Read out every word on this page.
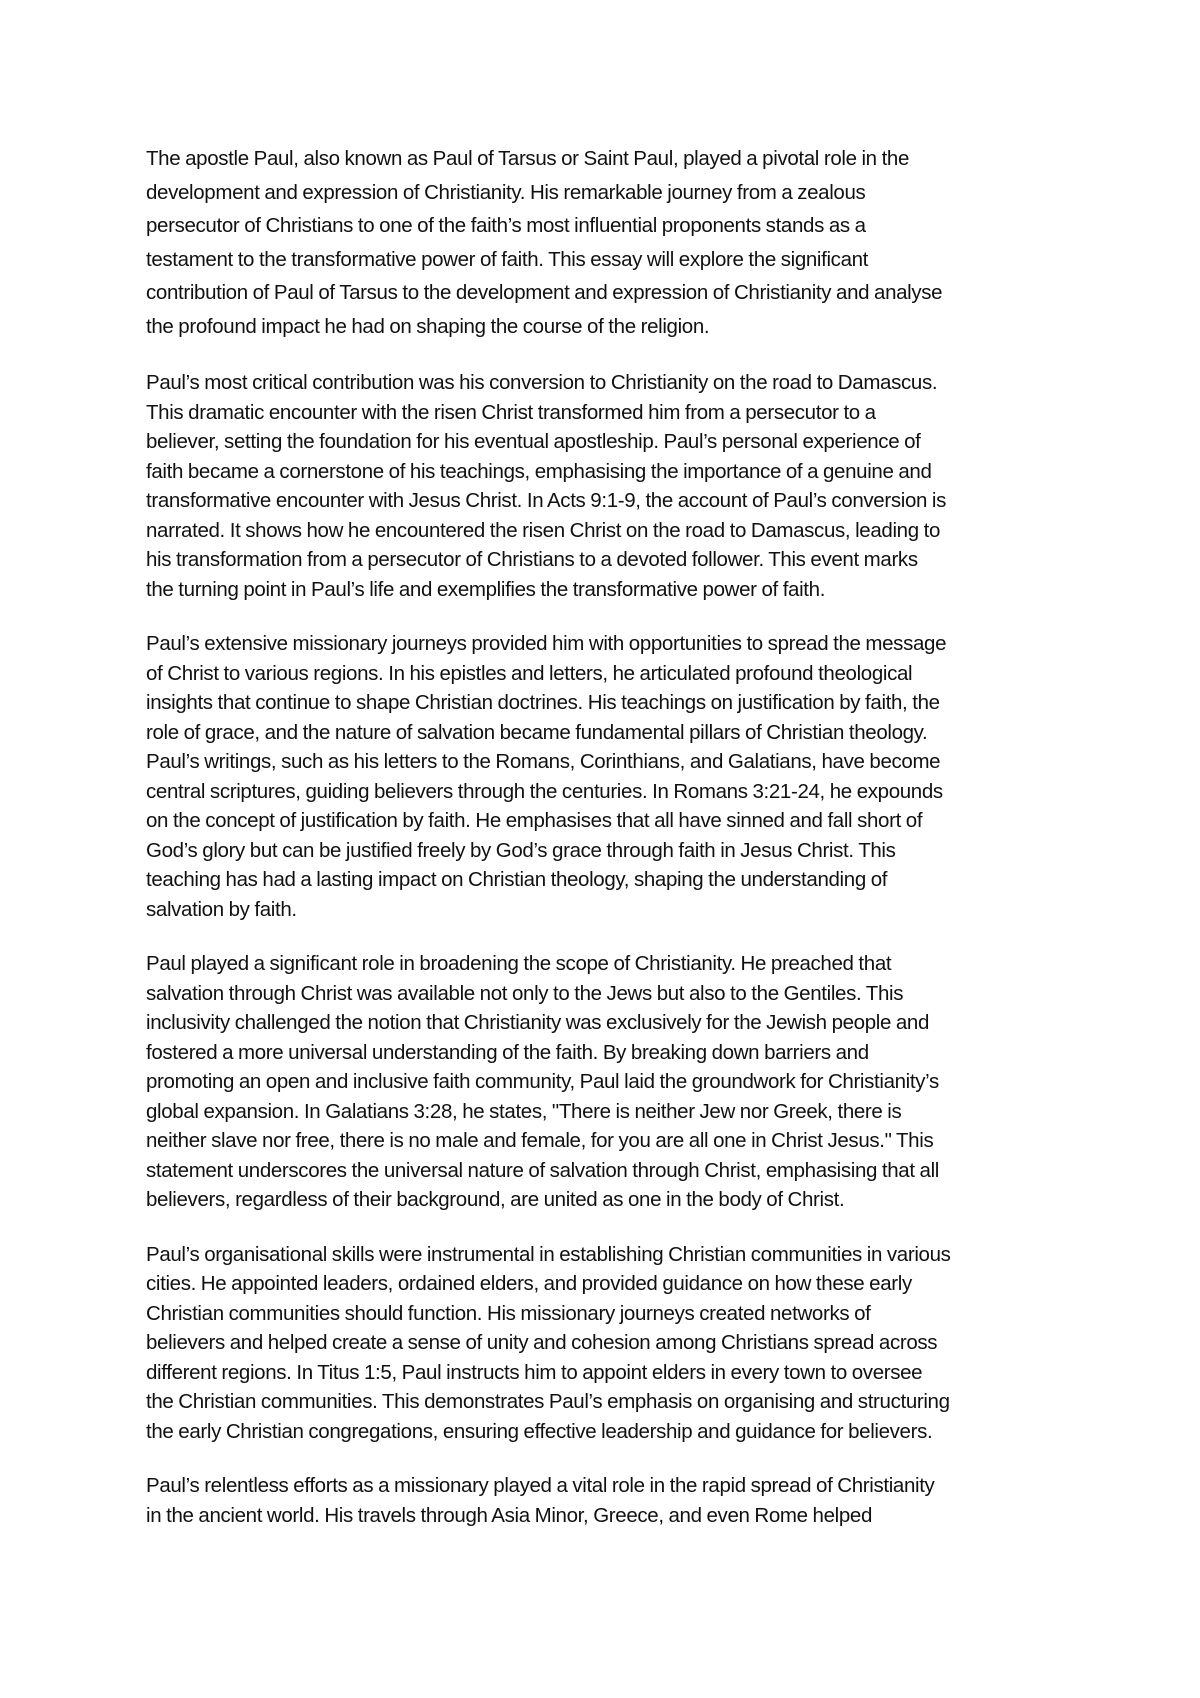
The apostle Paul, also known as Paul of Tarsus or Saint Paul, played a pivotal role in the
development and expression of Christianity. His remarkable journey from a zealous
persecutor of Christians to one of the faith’s most influential proponents stands as a
testament to the transformative power of faith. This essay will explore the significant
contribution of Paul of Tarsus to the development and expression of Christianity and analyse
the profound impact he had on shaping the course of the religion.

Paul’s most critical contribution was his conversion to Christianity on the road to Damascus.
This dramatic encounter with the risen Christ transformed him from a persecutor to a
believer, setting the foundation for his eventual apostleship. Paul’s personal experience of
faith became a cornerstone of his teachings, emphasising the importance of a genuine and
transformative encounter with Jesus Christ. In Acts 9:1-9, the account of Paul’s conversion is
narrated. It shows how he encountered the risen Christ on the road to Damascus, leading to
his transformation from a persecutor of Christians to a devoted follower. This event marks
the turning point in Paul’s life and exemplifies the transformative power of faith.

Paul’s extensive missionary journeys provided him with opportunities to spread the message
of Christ to various regions. In his epistles and letters, he articulated profound theological
insights that continue to shape Christian doctrines. His teachings on justification by faith, the
role of grace, and the nature of salvation became fundamental pillars of Christian theology.
Paul’s writings, such as his letters to the Romans, Corinthians, and Galatians, have become
central scriptures, guiding believers through the centuries. In Romans 3:21-24, he expounds
on the concept of justification by faith. He emphasises that all have sinned and fall short of
God’s glory but can be justified freely by God’s grace through faith in Jesus Christ. This
teaching has had a lasting impact on Christian theology, shaping the understanding of
salvation by faith.

Paul played a significant role in broadening the scope of Christianity. He preached that
salvation through Christ was available not only to the Jews but also to the Gentiles. This
inclusivity challenged the notion that Christianity was exclusively for the Jewish people and
fostered a more universal understanding of the faith. By breaking down barriers and
promoting an open and inclusive faith community, Paul laid the groundwork for Christianity’s
global expansion. In Galatians 3:28, he states, "There is neither Jew nor Greek, there is
neither slave nor free, there is no male and female, for you are all one in Christ Jesus." This
statement underscores the universal nature of salvation through Christ, emphasising that all
believers, regardless of their background, are united as one in the body of Christ.

Paul’s organisational skills were instrumental in establishing Christian communities in various
cities. He appointed leaders, ordained elders, and provided guidance on how these early
Christian communities should function. His missionary journeys created networks of
believers and helped create a sense of unity and cohesion among Christians spread across
different regions. In Titus 1:5, Paul instructs him to appoint elders in every town to oversee
the Christian communities. This demonstrates Paul’s emphasis on organising and structuring
the early Christian congregations, ensuring effective leadership and guidance for believers.

Paul’s relentless efforts as a missionary played a vital role in the rapid spread of Christianity
in the ancient world. His travels through Asia Minor, Greece, and even Rome helped
